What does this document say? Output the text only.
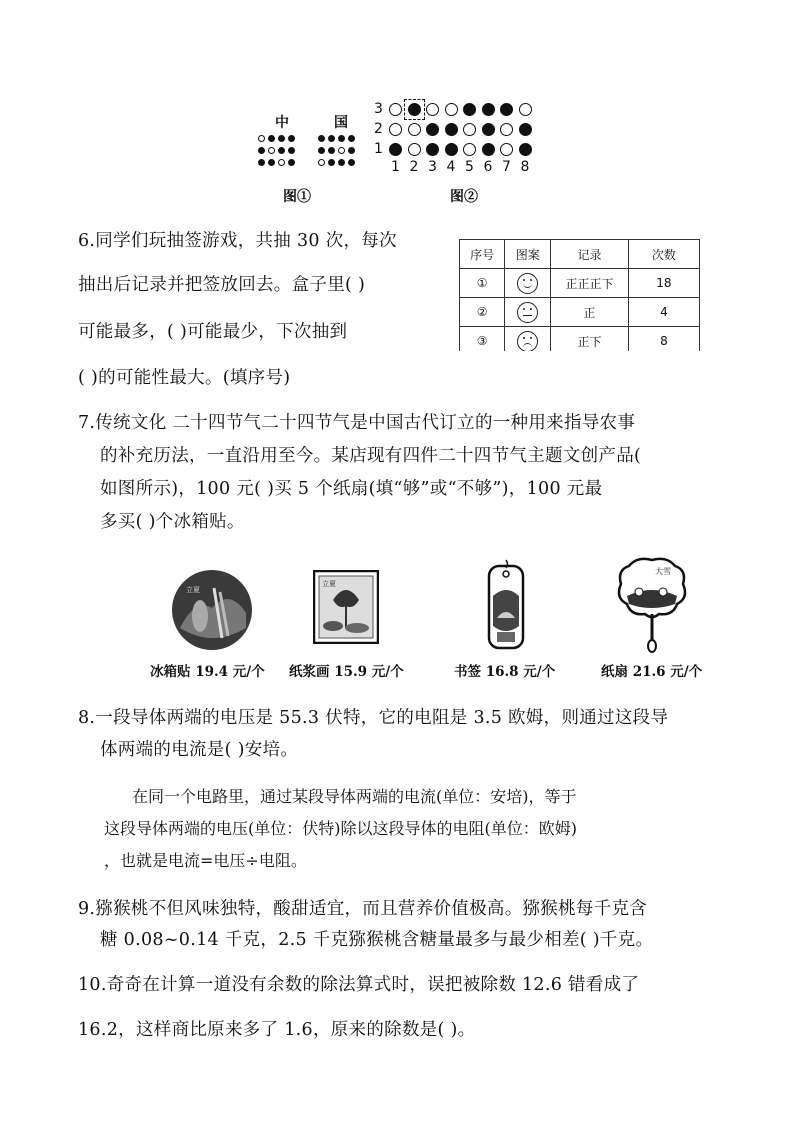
中	国
3
2
1
1 2 3 4 5 6 7 8
图①	图②
6.同学们玩抽签游戏，共抽 30 次，每次
抽出后记录并把签放回去。盒子里( )
可能最多，( )可能最少，下次抽到
( )的可能性最大。(填序号)
序号	图案	记录	次数
①		正正正下	18
②		正	4
③		正下	8
7.传统文化 二十四节气二十四节气是中国古代订立的一种用来指导农事
的补充历法，一直沿用至今。某店现有四件二十四节气主题文创产品(
如图所示)，100 元( )买 5 个纸扇(填“够”或“不够”)，100 元最
多买( )个冰箱贴。
立夏
立夏
大雪
冰箱贴 19.4 元/个 纸浆画 15.9 元/个	书签 16.8 元/个	纸扇 21.6 元/个
8.一段导体两端的电压是 55.3 伏特，它的电阻是 3.5 欧姆，则通过这段导
体两端的电流是( )安培。
在同一个电路里，通过某段导体两端的电流(单位：安培)，等于
这段导体两端的电压(单位：伏特)除以这段导体的电阻(单位：欧姆)
，也就是电流=电压÷电阻。
9.猕猴桃不但风味独特，酸甜适宜，而且营养价值极高。猕猴桃每千克含
糖 0.08~0.14 千克，2.5 千克猕猴桃含糖量最多与最少相差( )千克。
10.奇奇在计算一道没有余数的除法算式时，误把被除数 12.6 错看成了
16.2，这样商比原来多了 1.6，原来的除数是( )。
